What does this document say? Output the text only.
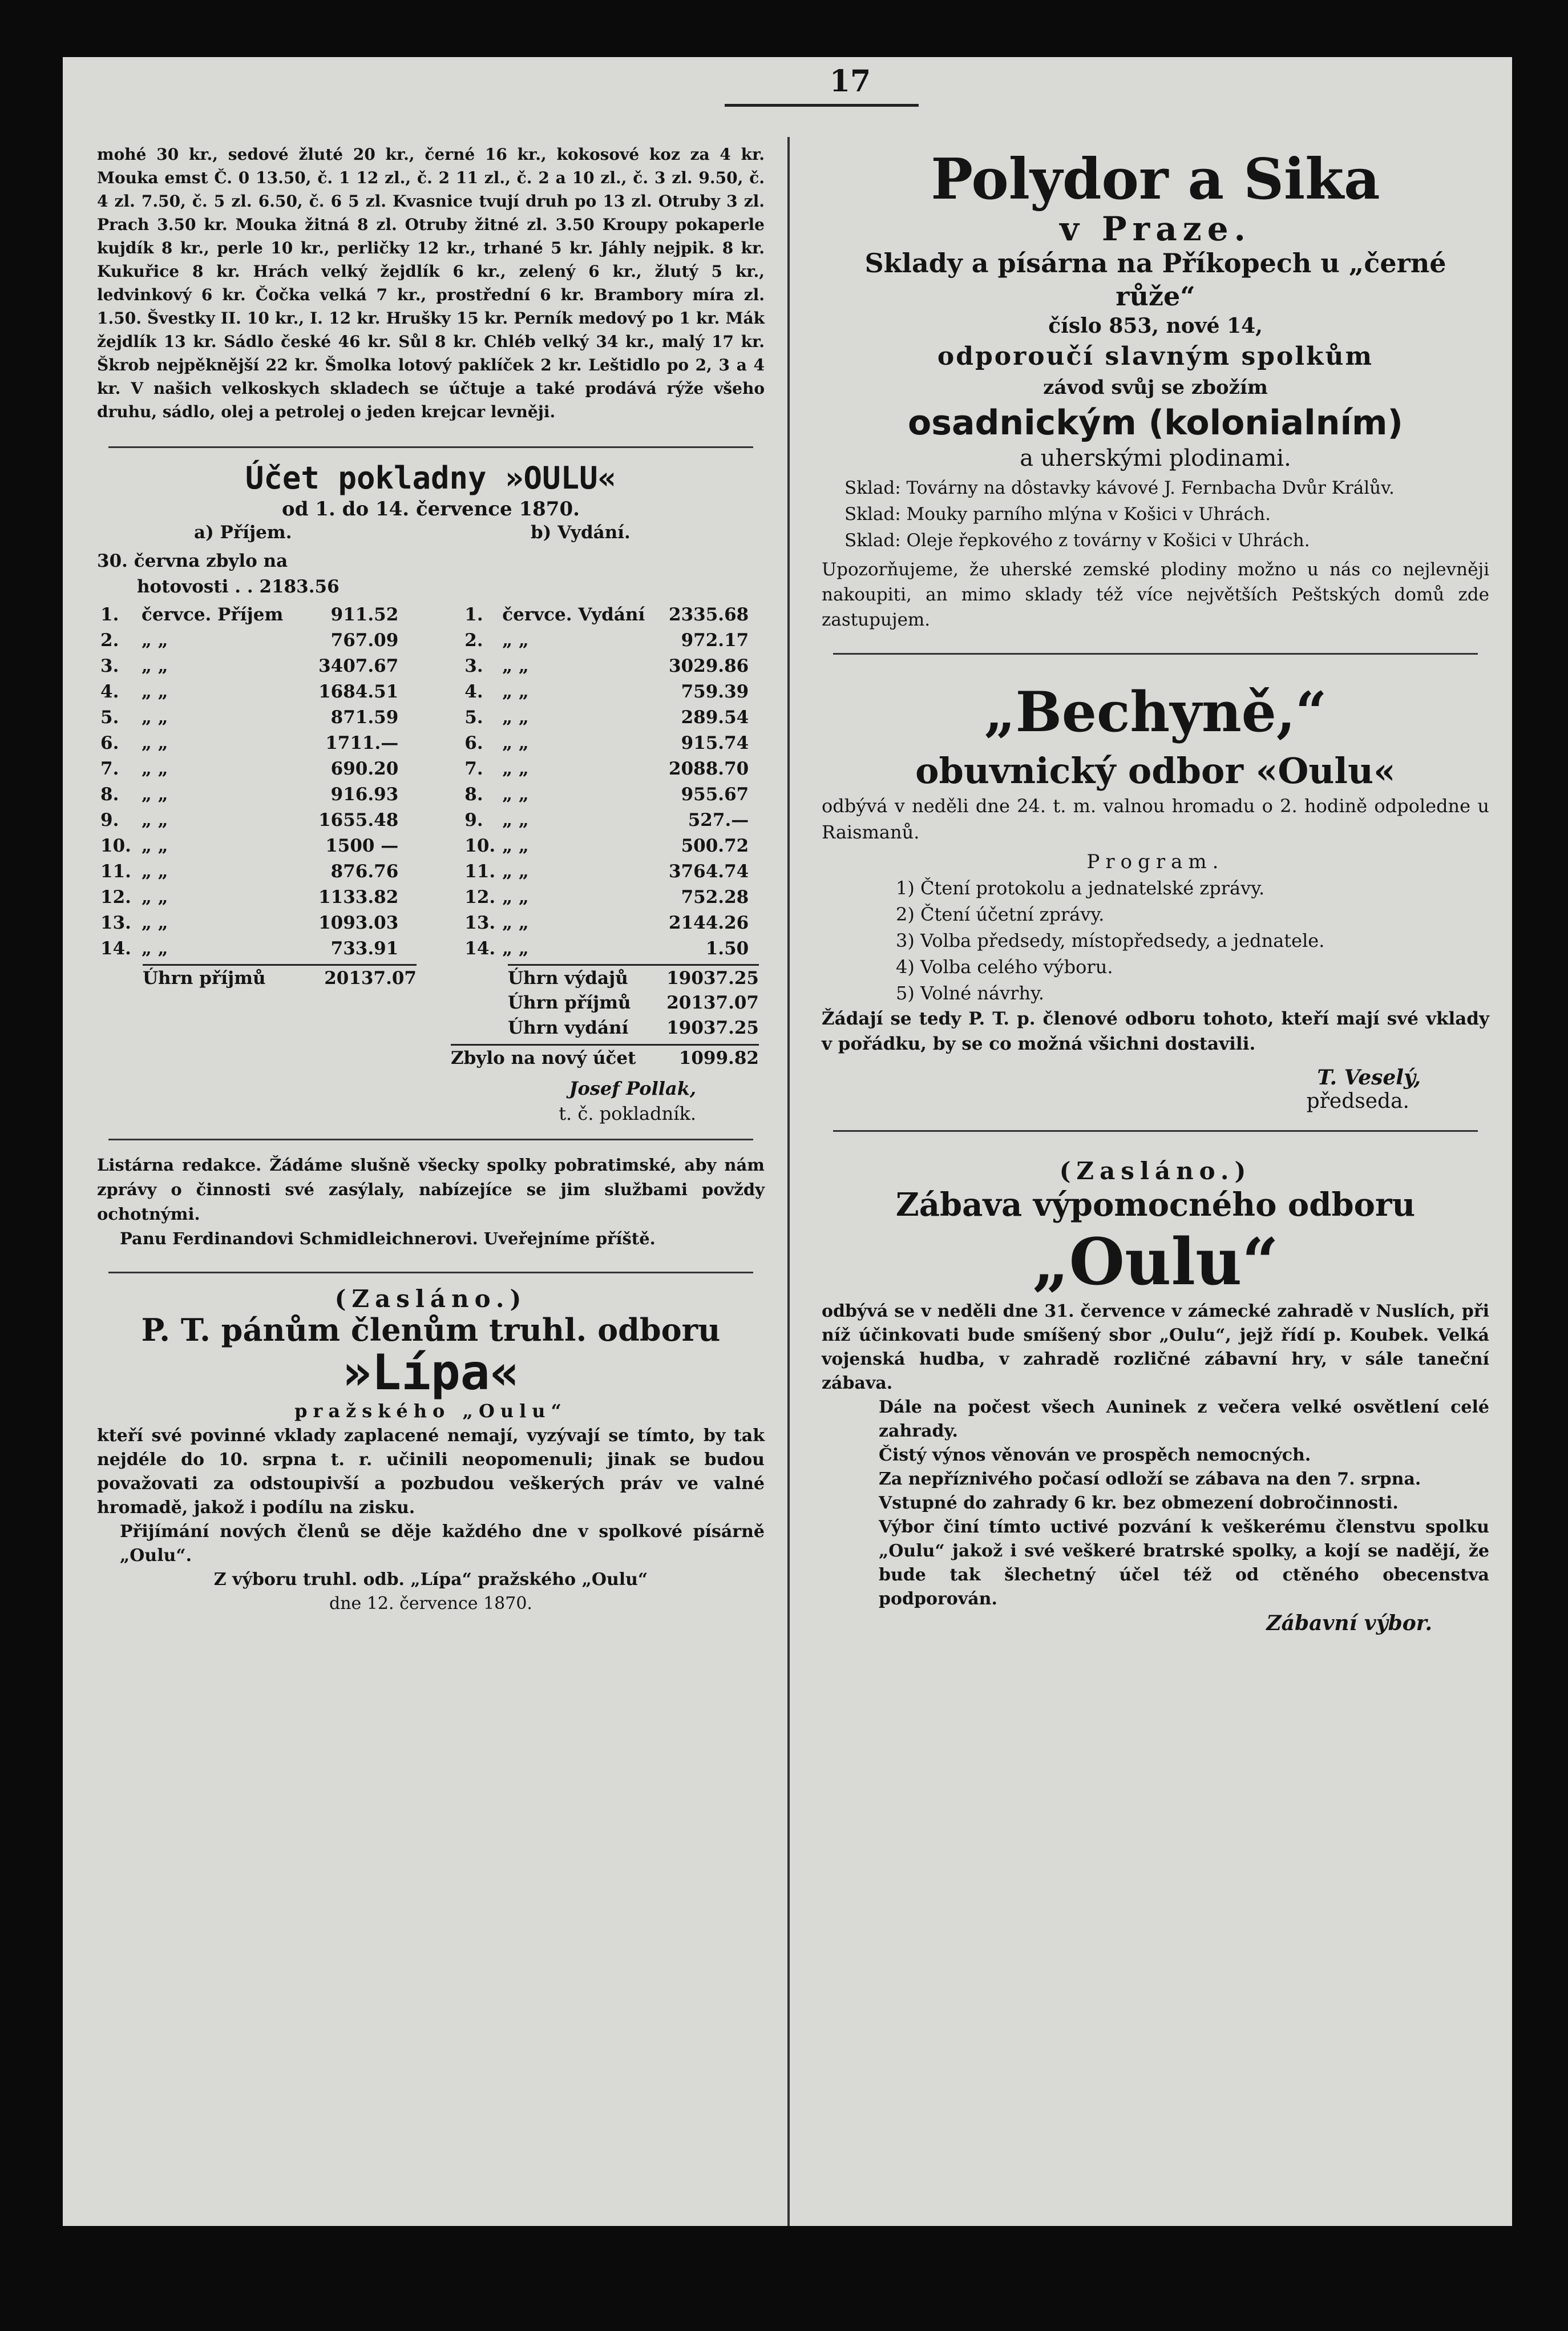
17

mohé 30 kr., sedové žluté 20 kr., černé 16 kr., kokosové koz za 4 kr. Mouka emst Č. 0 13.50, č. 1 12 zl., č. 2 11 zl., č. 2 a 10 zl., č. 3 zl. 9.50, č. 4 zl. 7.50, č. 5 zl. 6.50, č. 6 5 zl. Kvasnice tvují druh po 13 zl. Otruby 3 zl. Prach 3.50 kr. Mouka žitná 8 zl. Otruby žitné zl. 3.50 Kroupy pokaperle kujdík 8 kr., perle 10 kr., perličky 12 kr., trhané 5 kr. Jáhly nejpik. 8 kr. Kukuřice 8 kr. Hrách velký žejdlík 6 kr., zelený 6 kr., žlutý 5 kr., ledvinkový 6 kr. Čočka velká 7 kr., prostřední 6 kr. Brambory míra zl. 1.50. Švestky II. 10 kr., I. 12 kr. Hrušky 15 kr. Perník medový po 1 kr. Mák žejdlík 13 kr. Sádlo české 46 kr. Sůl 8 kr. Chléb velký 34 kr., malý 17 kr. Škrob nejpěknější 22 kr. Šmolka lotový paklíček 2 kr. Leštidlo po 2, 3 a 4 kr. V našich velkoskych skladech se účtuje a také prodává rýže všeho druhu, sádlo, olej a petrolej o jeden krejcar levněji.

Účet pokladny »OULU«
od 1. do 14. července 1870.
a) Příjem.	b) Vydání.
30. června zbylo na
hotovosti . . 2183.56
1.	červce. Příjem	911.52	1.	červce. Vydání	2335.68
2.	„ „	767.09	2.	„ „	972.17
3.	„ „	3407.67	3.	„ „	3029.86
4.	„ „	1684.51	4.	„ „	759.39
5.	„ „	871.59	5.	„ „	289.54
6.	„ „	1711.—	6.	„ „	915.74
7.	„ „	690.20	7.	„ „	2088.70
8.	„ „	916.93	8.	„ „	955.67
9.	„ „	1655.48	9.	„ „	527.—
10.	„ „	1500 —	10.	„ „	500.72
11.	„ „	876.76	11.	„ „	3764.74
12.	„ „	1133.82	12.	„ „	752.28
13.	„ „	1093.03	13.	„ „	2144.26
14.	„ „	733.91	14.	„ „	1.50
Úhrn příjmů	20137.07	Úhrn výdajů 19037.25
Úhrn příjmů 20137.07
Úhrn vydání 19037.25
Zbylo na nový účet 1099.82
Josef Pollak,
t. č. pokladník.

Listárna redakce. Žádáme slušně všecky spolky pobratimské, aby nám zprávy o činnosti své zasýlaly, nabízejíce se jim službami povždy ochotnými.

Panu Ferdinandovi Schmidleichnerovi. Uveřejníme příště.

(Zasláno.)
P. T. pánům členům truhl. odboru
»Lípa«
pražského „Oulu“

kteří své povinné vklady zaplacené nemají, vyzývají se tímto, by tak nejdéle do 10. srpna t. r. učinili neopomenuli; jinak se budou považovati za odstoupivší a pozbudou veškerých práv ve valné hromadě, jakož i podílu na zisku.

Přijímání nových členů se děje každého dne v spolkové písárně „Oulu“.

Z výboru truhl. odb. „Lípa“ pražského „Oulu“
dne 12. července 1870.
Polydor a Sika
v Praze.
Sklady a písárna na Příkopech u „černé růže“
číslo 853, nové 14,
odporoučí slavným spolkům
závod svůj se zbožím
osadnickým (kolonialním)
a uherskými plodinami.
Sklad: Továrny na dôstavky kávové J. Fernbacha Dvůr Králův.
Sklad: Mouky parního mlýna v Košici v Uhrách.
Sklad: Oleje řepkového z továrny v Košici v Uhrách.

Upozorňujeme, že uherské zemské plodiny možno u nás co nejlevněji nakoupiti, an mimo sklady též více největších Peštských domů zde zastupujem.

„Bechyně,“
obuvnický odbor «Oulu«

odbývá v neděli dne 24. t. m. valnou hromadu o 2. hodině odpoledne u Raismanů.

Program.
1) Čtení protokolu a jednatelské zprávy.
2) Čtení účetní zprávy.
3) Volba předsedy, místopředsedy, a jednatele.
4) Volba celého výboru.
5) Volné návrhy.

Žádají se tedy P. T. p. členové odboru tohoto, kteří mají své vklady v pořádku, by se co možná všichni dostavili.

T. Veselý,
předseda.
(Zasláno.)
Zábava výpomocného odboru
„Oulu“

odbývá se v neděli dne 31. července v zámecké zahradě v Nuslích, při níž účinkovati bude smíšený sbor „Oulu“, jejž řídí p. Koubek. Velká vojenská hudba, v zahradě rozličné zábavní hry, v sále taneční zábava.

Dále na počest všech Auninek z večera velké osvětlení celé zahrady.

Čistý výnos věnován ve prospěch nemocných.

Za nepříznivého počasí odloží se zábava na den 7. srpna.

Vstupné do zahrady 6 kr. bez obmezení dobročinnosti.

Výbor činí tímto uctivé pozvání k veškerému členstvu spolku „Oulu“ jakož i své veškeré bratrské spolky, a kojí se nadějí, že bude tak šlechetný účel též od ctěného obecenstva podporován.

Zábavní výbor.
